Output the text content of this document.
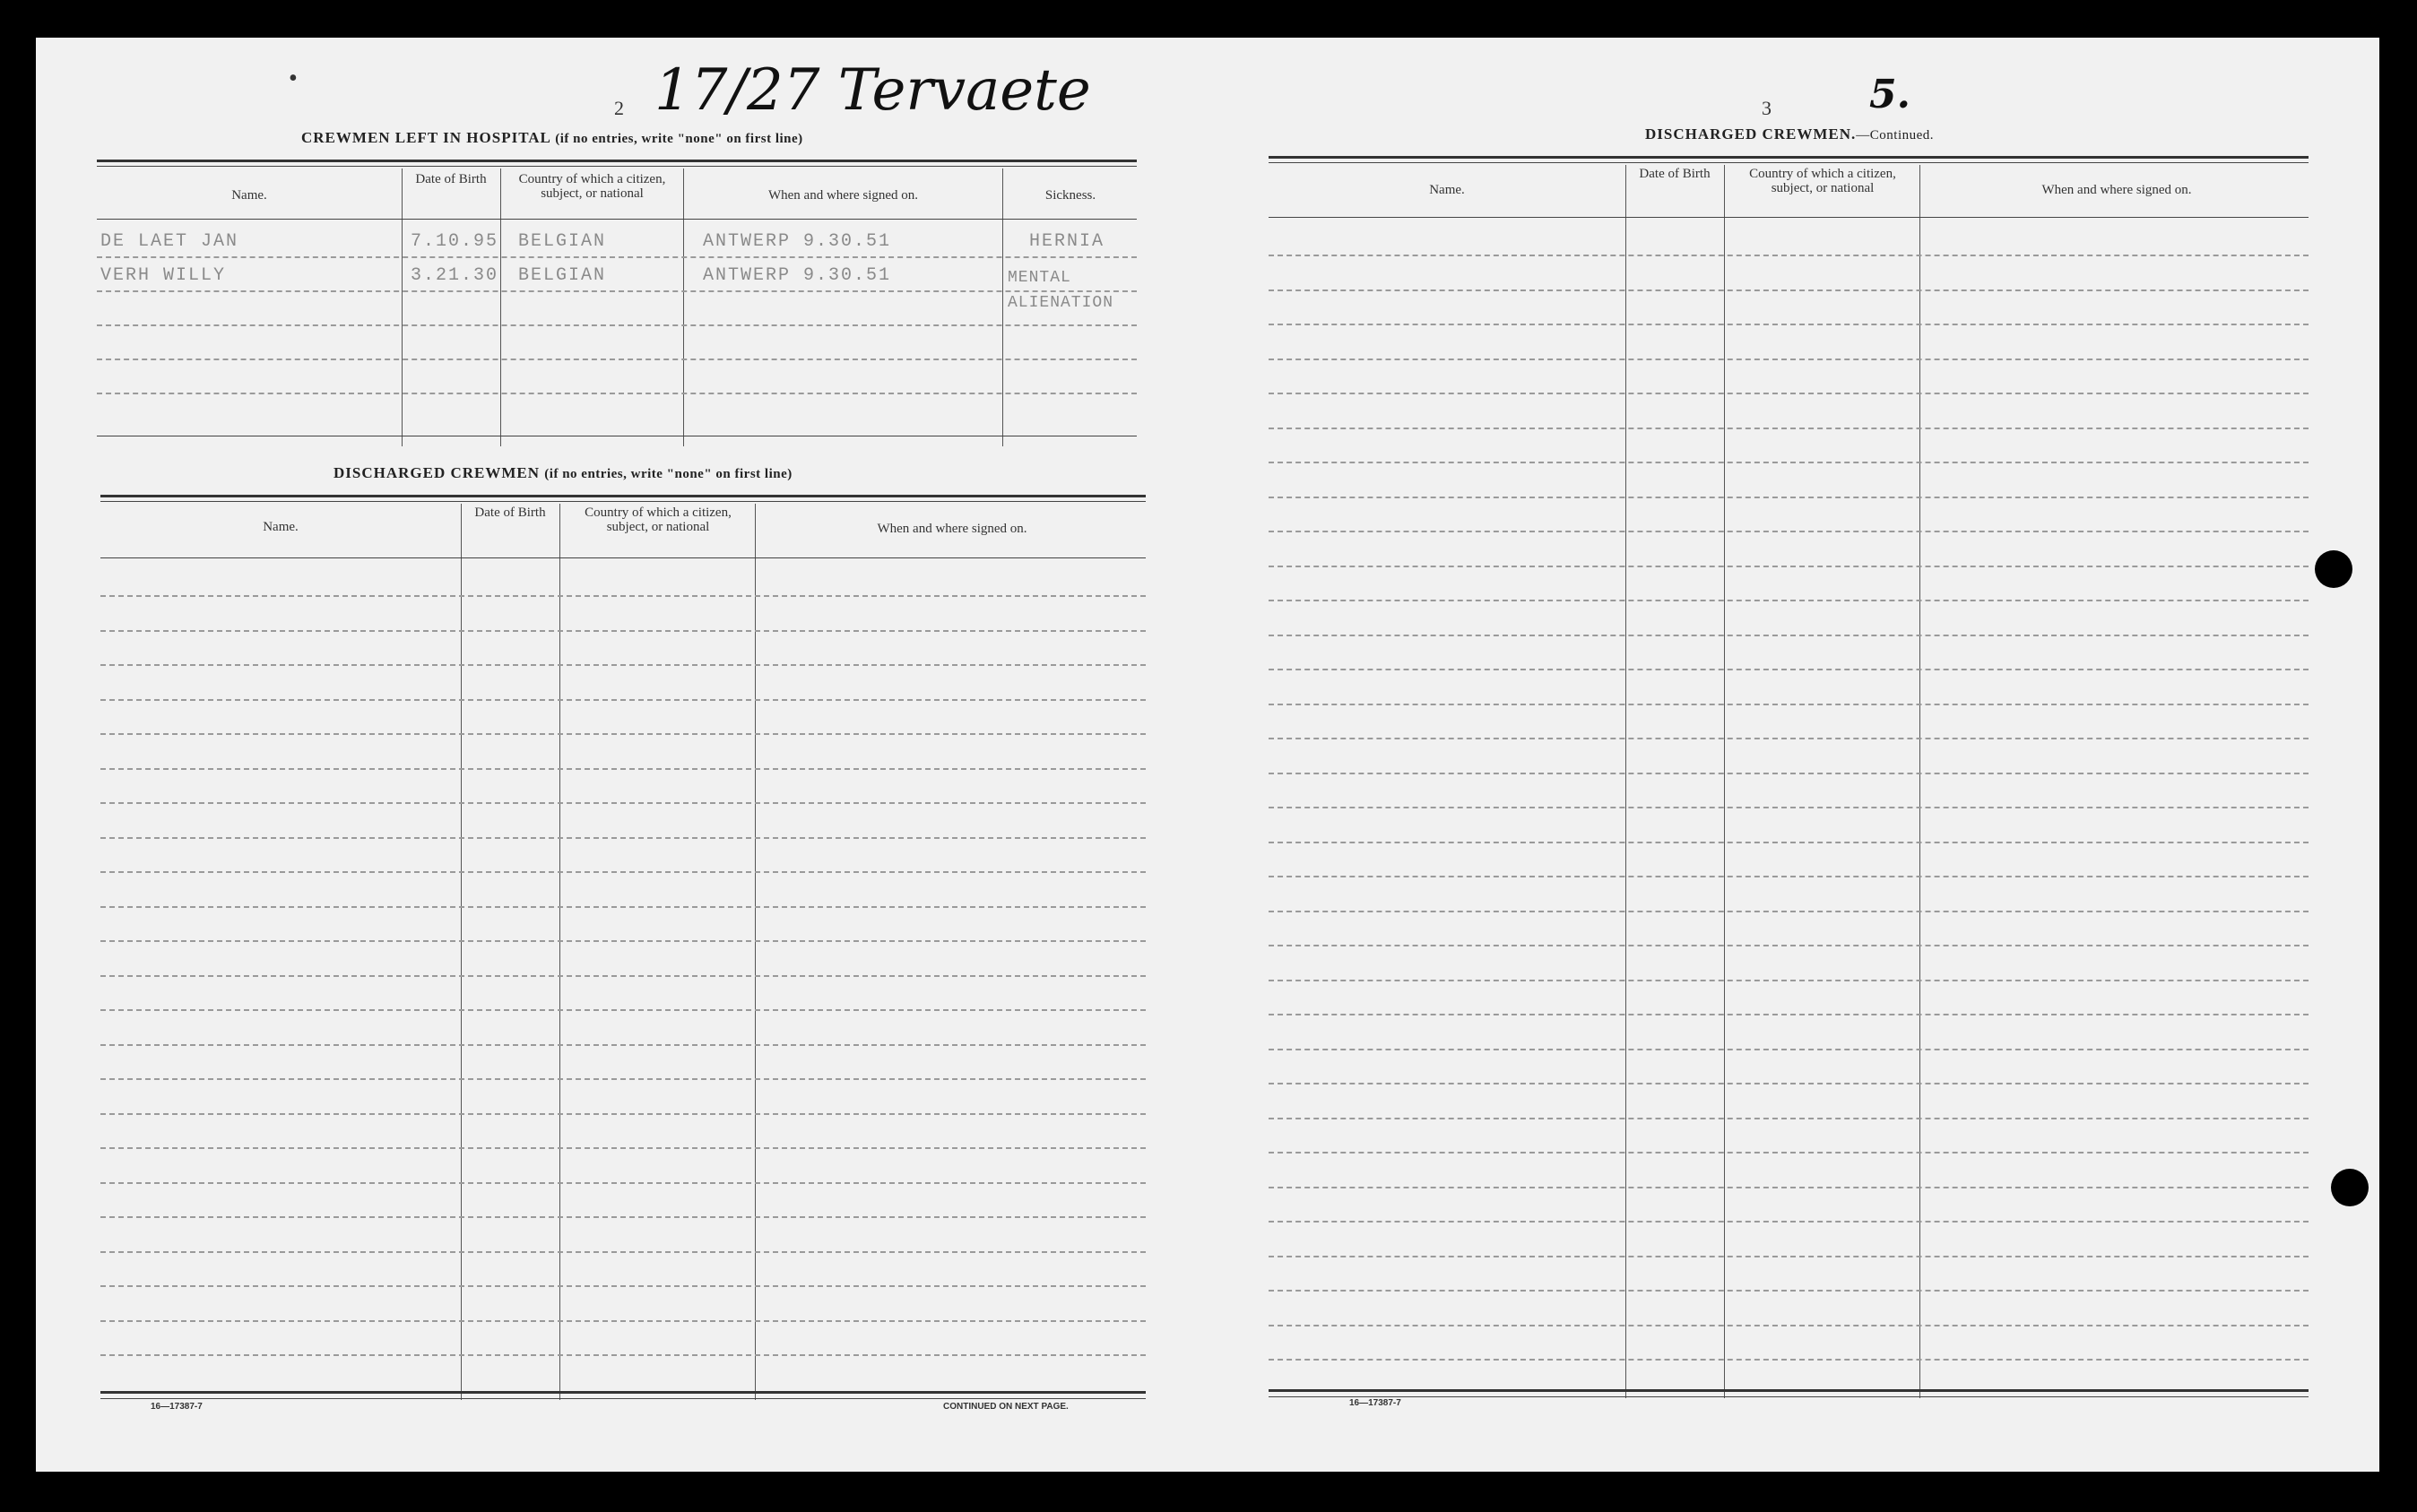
2 17/27 Tervaete
•
CREWMEN LEFT IN HOSPITAL (if no entries, write "none" on first line)
Name.
Date of Birth	Country of which a citizen, subject, or national	When and where signed on.	Sickness.
DE LAET JAN	7.10.95 BELGIAN	ANTWERP 9.30.51	HERNIA
VERH WILLY	3.21.30 BELGIAN	ANTWERP 9.30.51	MENTAL ALIENATION
DISCHARGED CREWMEN (if no entries, write "none" on first line)
Name.
Date of Birth	Country of which a citizen, subject, or national	When and where signed on.
16—17387-7	CONTINUED ON NEXT PAGE.
3 5.
DISCHARGED CREWMEN.—Continued.
Name.
Date of Birth	Country of which a citizen, subject, or national	When and where signed on.
16—17387-7
